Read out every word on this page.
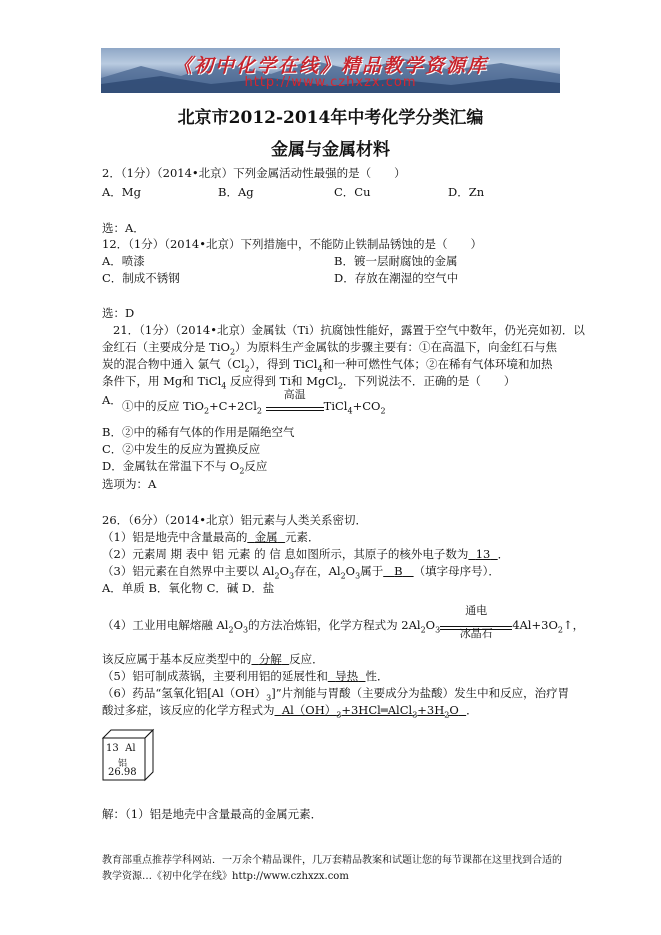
《初中化学在线》精品教学资源库
http://www.czhxzx.com
北京市2012-2014年中考化学分类汇编
金属与金属材料
2．（1分）（2014•北京）下列金属活动性最强的是（　　）
A．Mg	B．Ag	C．Cu	D．Zn
选：A．
12．（1分）（2014•北京）下列措施中，不能防止铁制品锈蚀的是（　　）
A．喷漆	B．镀一层耐腐蚀的金属
C．制成不锈钢	D．存放在潮湿的空气中
选：D
21．（1分）（2014•北京）金属钛（Ti）抗腐蚀性能好，露置于空气中数年，仍光亮如初．以
金红石（主要成分是 TiO$_2$）为原料生产金属钛的步骤主要有：①在高温下，向金红石与焦
炭的混合物中通入 氯气$(Cl_2)$，得到 TiCl$_4$和一种可燃性气体；②在稀有气体环境和加热
条件下，用 Mg和 TiCl$_4$ 反应得到 Ti和 MgCl$_2$．下列说法不．正确的是（　　）
A． ①中的反应 $TiO_2+C+2Cl_2$
高温
$TiCl_4+CO_2$
B．②中的稀有气体的作用是隔绝空气
C．②中发生的反应为置换反应
D．金属钛在常温下不与 $O_2$反应
选项为：A
26．（6分）（2014•北京）铝元素与人类关系密切．
（1）铝是地壳中含量最高的 金属 元素．
（2）元素周 期 表中 铝 元素 的 信 息如图所示，其原子的核外电子数为 13 ．
（3）铝元素在自然界中主要以 $Al_2O_3$存在，$Al_2O_3$属于 B （填字母序号）．
A．单质 B．氧化物 C．碱 D．盐
（4）工业用电解熔融 $Al_2O_3$的方法冶炼铝，化学方程式为 $2Al_2O_3$
通电
冰晶石
$4Al+3O_2↑$，
该反应属于基本反应类型中的 分解 反应．
（5）铝可制成蒸锅，主要利用铝的延展性和 导热 性．
（6）药品“氢氧化铝$[Al(OH)_3]$”片剂能与胃酸（主要成分为盐酸）发生中和反应，治疗胃
酸过多症，该反应的化学方程式为 $Al(OH)_3+3HCl═AlCl_3+3H_2O$ ．
13 Al
铝
26.98
解：（1）铝是地壳中含量最高的金属元素．
教育部重点推荐学科网站．一万余个精品课件，几万套精品教案和试题让您的每节课都在这里找到合适的
教学资源…《初中化学在线》http://www.czhxzx.com
